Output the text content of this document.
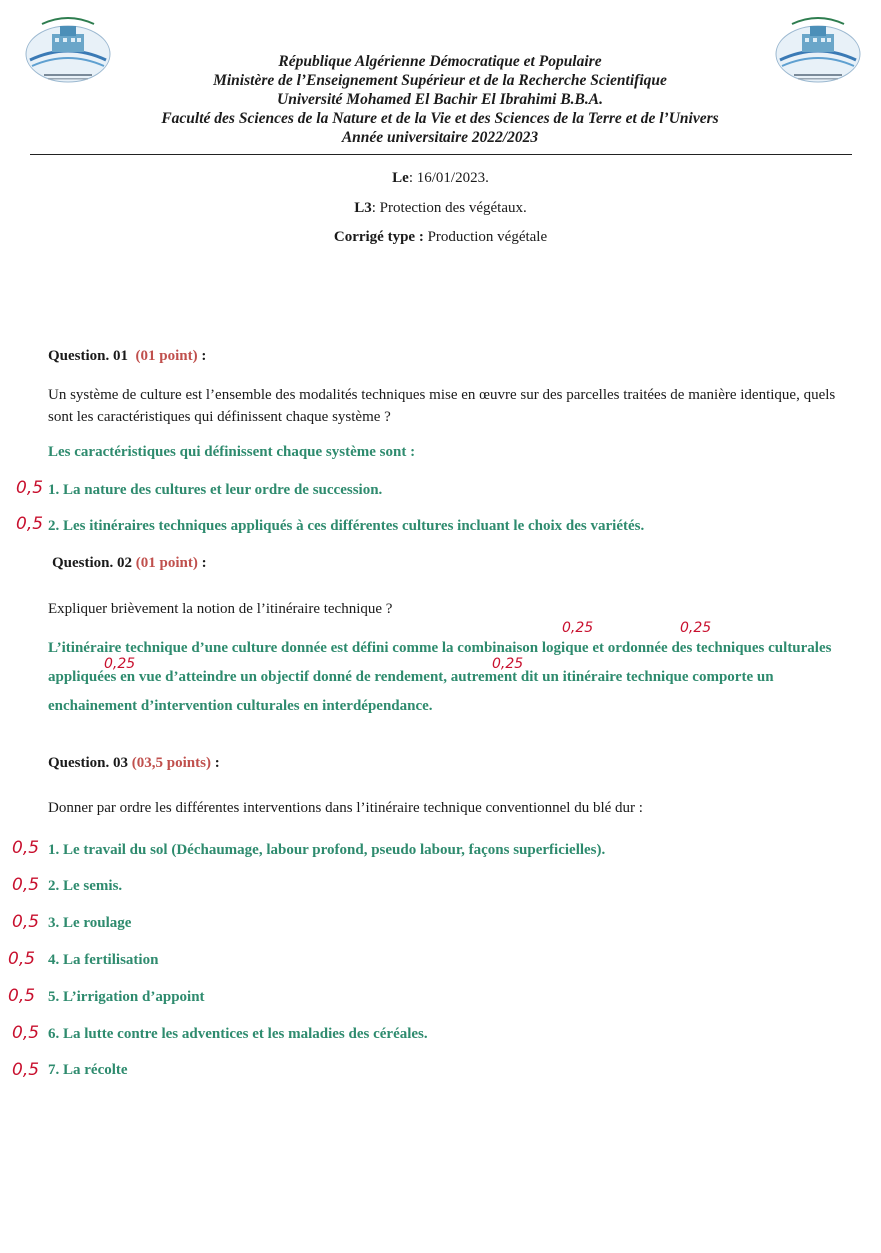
République Algérienne Démocratique et Populaire
Ministère de l’Enseignement Supérieur et de la Recherche Scientifique
Université Mohamed El Bachir El Ibrahimi B.B.A.
Faculté des Sciences de la Nature et de la Vie et des Sciences de la Terre et de l’Univers
Année universitaire 2022/2023
Le: 16/01/2023.
L3: Protection des végétaux.
Corrigé type : Production végétale
Question. 01 (01 point) :
Un système de culture est l’ensemble des modalités techniques mise en œuvre sur des parcelles traitées de manière identique, quels sont les caractéristiques qui définissent chaque système ?
Les caractéristiques qui définissent chaque système sont :
1. La nature des cultures et leur ordre de succession.
2. Les itinéraires techniques appliqués à ces différentes cultures incluant le choix des variétés.
0,5
0,5
Question. 02 (01 point) :
Expliquer brièvement la notion de l’itinéraire technique ?
L’itinéraire technique d’une culture donnée est défini comme la combinaison logique et ordonnée des techniques culturales appliquées en vue d’atteindre un objectif donné de rendement, autrement dit un itinéraire technique comporte un enchainement d’intervention culturales en interdépendance.
0,25	0,25
0,25	0,25
Question. 03 (03,5 points) :
Donner par ordre les différentes interventions dans l’itinéraire technique conventionnel du blé dur :
1. Le travail du sol (Déchaumage, labour profond, pseudo labour, façons superficielles).
2. Le semis.
3. Le roulage
4. La fertilisation
5. L’irrigation d’appoint
6. La lutte contre les adventices et les maladies des céréales.
7. La récolte
0,5
0,5
0,5
0,5
0,5
0,5
0,5
